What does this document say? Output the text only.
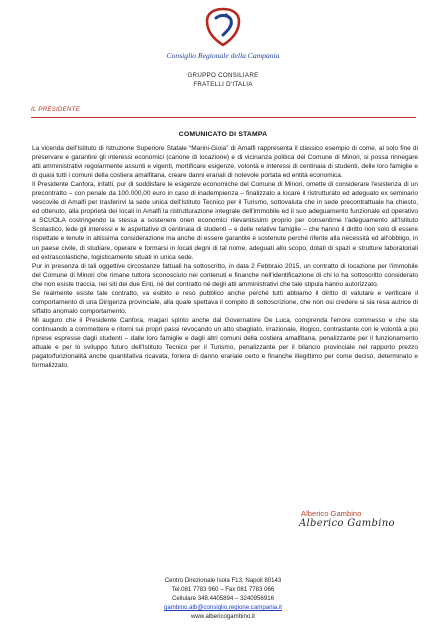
Consiglio Regionale della Campania
GRUPPO CONSILIARE
FRATELLI D'ITALIA
IL PRESIDENTE
COMUNICATO DI STAMPA

La vicenda dell'Istituto di Istruzione Superiore Statale “Marini-Gioia” di Amalfi rappresenta il classico esempio di come, al solo fine di preservare e garantire gli interessi economici (canone di locazione) e di vicinanza politica del Comune di Minori, si possa rinnegare atti amministrativi regolarmente assunti e vigenti, mortificare esigenze, volontà e interessi di centinaia di studenti, delle loro famiglie e di quasi tutti i comuni della costiera amalfitana, creare danni erariali di notevole portata ed entità economica.

Il Presidente Canfora, infatti, pur di soddisfare le esigenze economiche del Comune di Minori, omette di considerare l'esistenza di un precontratto – con penale da 100.000,00 euro in caso di inadempienza – finalizzato a locare il ristrutturato ed adeguato ex seminario vescovile di Amalfi per trasferirvi la sede unica dell'Istituto Tecnico per il Turismo, sottovaluta che in sede precontrattuale ha chiesto, ed ottenuto, alla proprietà dei locali in Amalfi la ristrutturazione integrale dell'immobile ed il suo adeguamento funzionale ed operativo a SCUOLA costringendo la stessa a sostenere oneri economici rilevantissimi proprio per consentirne l'adeguamento all'Istituto Scolastico, lede gli interessi e le aspettative di centinaia di studenti – e delle relative famiglie – che hanno il diritto non solo di essere rispettate e tenute in altissima considerazione ma anche di essere garantite e sostenute perché riferite alla necessità ed all'obbligo, in un paese civile, di studiare, operare e formarsi in locali degni di tal nome, adeguati allo scopo, dotati di spazi e strutture laboratoriali ed extrascolastiche, logisticamente situati in unica sede.

Pur in presenza di tali oggettive circostanze fattuali ha sottoscritto, in data 2 Febbraio 2015, un contratto di locazione per l'immobile del Comune di Minori che rimane tuttora sconosciuto nei contenuti e finanche nell'identificazione di chi lo ha sottoscritto considerato che non esiste traccia, nei siti dei due Enti, né del contratto né degli atti amministrativi che tale stipula hanno autorizzato.

Se realmente esiste tale contratto, va esibito e reso pubblico anche perché tutti abbiamo il diritto di valutare e verificare il comportamento di una Dirigenza provinciale, alla quale spettava il compito di sottoscrizione, che non osi credere si sia resa autrice di siffatto anomalo comportamento.

Mi auguro che il Presidente Canfora, magari spinto anche dal Governatore De Luca, comprenda l'errore commesso e che sta continuando a commettere e ritorni sui propri passi revocando un atto sbagliato, irrazionale, illogico, contrastante con le volontà a più riprese espresse dagli studenti – dalle loro famiglie e dagli altri comuni della costiera amalfitana, penalizzante per il funzionamento attuale e per lo sviluppo futuro dell'Istituto Tecnico per il Turismo, penalizzante per il bilancio provinciale nel rapporto prezzo pagato/funzionalità anche quantitativa ricavata, foriera di danno erariale certo e finanche illegittimo per come deciso, determinato e formalizzato.

Alberico Gambino
Alberico Gambino
Centro Direzionale Isola F13, Napoli 80143
Tel.081 7783 960 – Fax 081 7783 066
Cellulare 348.4405894 – 3240956916
gambino.alb@consiglio.regione.campania.it
www.albericogambino.it
